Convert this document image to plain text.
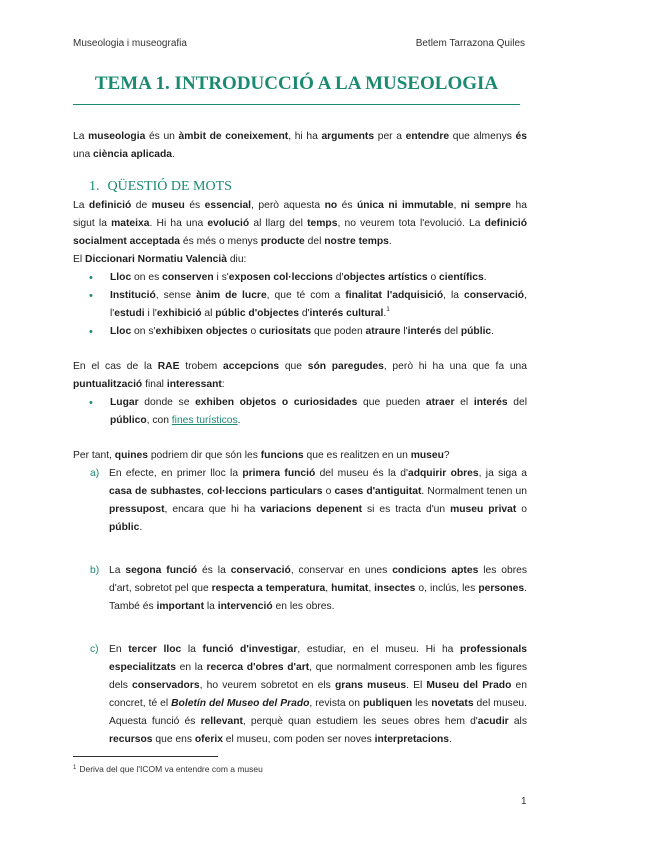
Museologia i museografia	Betlem Tarrazona Quiles
TEMA 1. INTRODUCCIÓ A LA MUSEOLOGIA

La museologia és un àmbit de coneixement, hi ha arguments per a entendre que almenys és una ciència aplicada.

1. QÜESTIÓ DE MOTS

La definició de museu és essencial, però aquesta no és única ni immutable, ni sempre ha sigut la mateixa. Hi ha una evolució al llarg del temps, no veurem tota l'evolució. La definició socialment acceptada és més o menys producte del nostre temps.

El Diccionari Normatiu Valencià diu:

• Lloc on es conserven i s'exposen col·leccions d'objectes artístics o científics.
• Institució, sense ànim de lucre, que té com a finalitat l'adquisició, la conservació, l'estudi i l'exhibició al públic d'objectes d'interés cultural.$^1$
• Lloc on s'exhibixen objectes o curiositats que poden atraure l'interés del públic.

En el cas de la RAE trobem accepcions que són paregudes, però hi ha una que fa una puntualització final interessant:

• Lugar donde se exhiben objetos o curiosidades que pueden atraer el interés del público, con fines turísticos.

Per tant, quines podriem dir que són les funcions que es realitzen en un museu?

a) En efecte, en primer lloc la primera funció del museu és la d'adquirir obres, ja siga a casa de subhastes, col·leccions particulars o cases d'antiguitat. Normalment tenen un pressupost, encara que hi ha variacions depenent si es tracta d'un museu privat o públic.
b) La segona funció és la conservació, conservar en unes condicions aptes les obres d'art, sobretot pel que respecta a temperatura, humitat, insectes o, inclús, les persones. També és important la intervenció en les obres.
c) En tercer lloc la funció d'investigar, estudiar, en el museu. Hi ha professionals especialitzats en la recerca d'obres d'art, que normalment corresponen amb les figures dels conservadors, ho veurem sobretot en els grans museus. El Museu del Prado en concret, té el Boletín del Museo del Prado, revista on publiquen les novetats del museu. Aquesta funció és rellevant, perquè quan estudiem les seues obres hem d'acudir als recursos que ens oferix el museu, com poden ser noves interpretacions.
$^1$ Deriva del que l'ICOM va entendre com a museu
1
